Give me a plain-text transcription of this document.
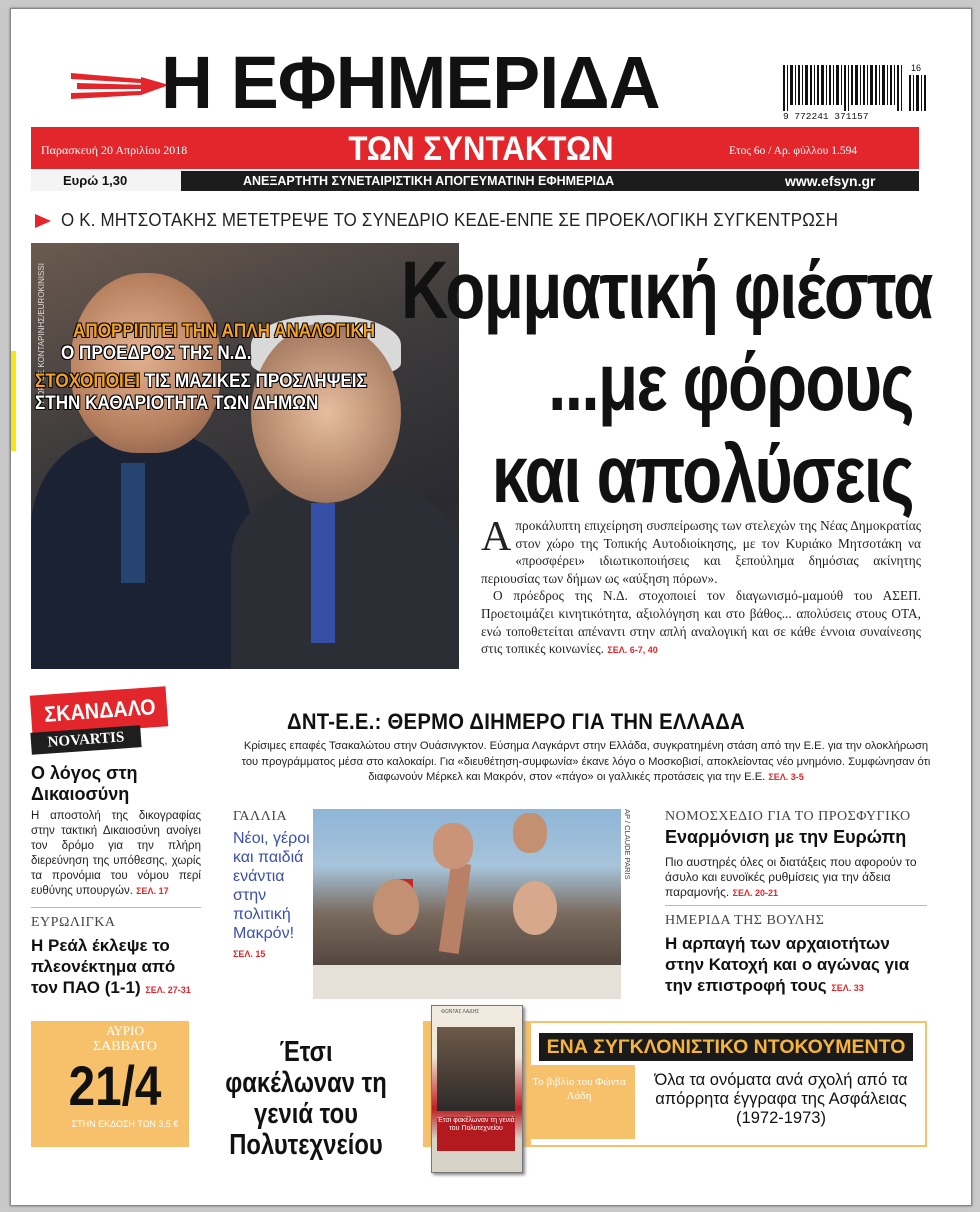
Η ΕΦΗΜΕΡΙΔΑ	16
9 772241 371157
Παρασκευή 20 Απριλίου 2018	ΤΩΝ ΣΥΝΤΑΚΤΩΝ	Ετος 6ο / Αρ. φύλλου 1.594
Ευρώ 1,30	ΑΝΕΞΑΡΤΗΤΗ ΣΥΝΕΤΑΙΡΙΣΤΙΚΗ ΑΠΟΓΕΥΜΑΤΙΝΗ ΕΦΗΜΕΡΙΔΑ	www.efsyn.gr
Ο Κ. ΜΗΤΣΟΤΑΚΗΣ ΜΕΤΕΤΡΕΨΕ ΤΟ ΣΥΝΕΔΡΙΟ ΚΕΔΕ-ΕΝΠΕ ΣΕ ΠΡΟΕΚΛΟΓΙΚΗ ΣΥΓΚΕΝΤΡΩΣΗ
ΓΙΩΡΓΟΣ ΚΟΝΤΑΡΙΝΗΣ/EUROKINISSI ΑΠΟΡΡΙΠΤΕΙ ΤΗΝ ΑΠΛΗ ΑΝΑΛΟΓΙΚΗ
Ο ΠΡΟΕΔΡΟΣ ΤΗΣ Ν.Δ.
ΣΤΟΧΟΠΟΙΕΙ ΤΙΣ ΜΑΖΙΚΕΣ ΠΡΟΣΛΗΨΕΙΣ
ΣΤΗΝ ΚΑΘΑΡΙΟΤΗΤΑ ΤΩΝ ΔΗΜΩΝ
Κομματική φιέστα
...με φόρους
και απολύσεις

Απροκάλυπτη επιχείρηση συσπείρωσης των στελεχών της Νέας Δημοκρατίας στον χώρο της Τοπικής Αυτοδιοίκησης, με τον Κυριάκο Μητσοτάκη να «προσφέρει» ιδιωτικοποιήσεις και ξεπούλημα δημόσιας ακίνητης περιουσίας των δήμων ως «αύξηση πόρων».

Ο πρόεδρος της Ν.Δ. στοχοποιεί τον διαγωνισμό-μαμούθ του ΑΣΕΠ. Προετοιμάζει κινητικότητα, αξιολόγηση και στο βάθος... απολύσεις στους ΟΤΑ, ενώ τοποθετείται απέναντι στην απλή αναλογική και σε κάθε έννοια συναίνεσης στις τοπικές κοινωνίες. ΣΕΛ. 6-7, 40

ΣΚΑΝΔΑΛΟ
NOVARTIS
Ο λόγος στη Δικαιοσύνη
Η αποστολή της δικογραφίας στην τακτική Δικαιοσύνη ανοίγει τον δρόμο για την πλήρη διερεύνηση της υπόθεσης, χωρίς τα προνόμια του νόμου περί ευθύνης υπουργών. ΣΕΛ. 17
ΕΥΡΩΛΙΓΚΑ
Η Ρεάλ έκλεψε το πλεονέκτημα από τον ΠΑΟ (1-1) ΣΕΛ. 27-31
ΔΝΤ-Ε.Ε.: ΘΕΡΜΟ ΔΙΗΜΕΡΟ ΓΙΑ ΤΗΝ ΕΛΛΑΔΑ
Κρίσιμες επαφές Τσακαλώτου στην Ουάσινγκτον. Εύσημα Λαγκάρντ στην Ελλάδα, συγκρατημένη στάση από την Ε.Ε. για την ολοκλήρωση του προγράμματος μέσα στο καλοκαίρι. Για «διευθέτηση-συμφωνία» έκανε λόγο ο Μοσκοβισί, αποκλείοντας νέο μνημόνιο. Συμφώνησαν ότι διαφωνούν Μέρκελ και Μακρόν, στον «πάγο» οι γαλλικές προτάσεις για την Ε.Ε. ΣΕΛ. 3-5
ΓΑΛΛΙΑ
Νέοι, γέροι και παιδιά ενάντια στην πολιτική Μακρόν!
ΣΕΛ. 15
AP / CLAUDE PARIS ΝΟΜΟΣΧΕΔΙΟ ΓΙΑ ΤΟ ΠΡΟΣΦΥΓΙΚΟ
Εναρμόνιση με την Ευρώπη
Πιο αυστηρές όλες οι διατάξεις που αφορούν το άσυλο και ευνοϊκές ρυθμίσεις για την άδεια παραμονής. ΣΕΛ. 20-21
ΗΜΕΡΙΔΑ ΤΗΣ ΒΟΥΛΗΣ
Η αρπαγή των αρχαιοτήτων στην Κατοχή και ο αγώνας για την επιστροφή τους ΣΕΛ. 33
ΑΥΡΙΟ
ΣΑΒΒΑΤΟ
21/4
ΣΤΗΝ ΕΚΔΟΣΗ ΤΩΝ 3,5 €
Έτσι φακέλωναν τη γενιά του Πολυτεχνείου
ΦΩΝΤΑΣ ΛΑΔΗΣ
Έτσι φακέλωναν τη γενιά του Πολυτεχνείου
ΕΝΑ ΣΥΓΚΛΟΝΙΣΤΙΚΟ ΝΤΟΚΟΥΜΕΝΤΟ
Το βιβλίο του Φώντα Λάδη
Όλα τα ονόματα ανά σχολή από τα απόρρητα έγγραφα της Ασφάλειας (1972-1973)
